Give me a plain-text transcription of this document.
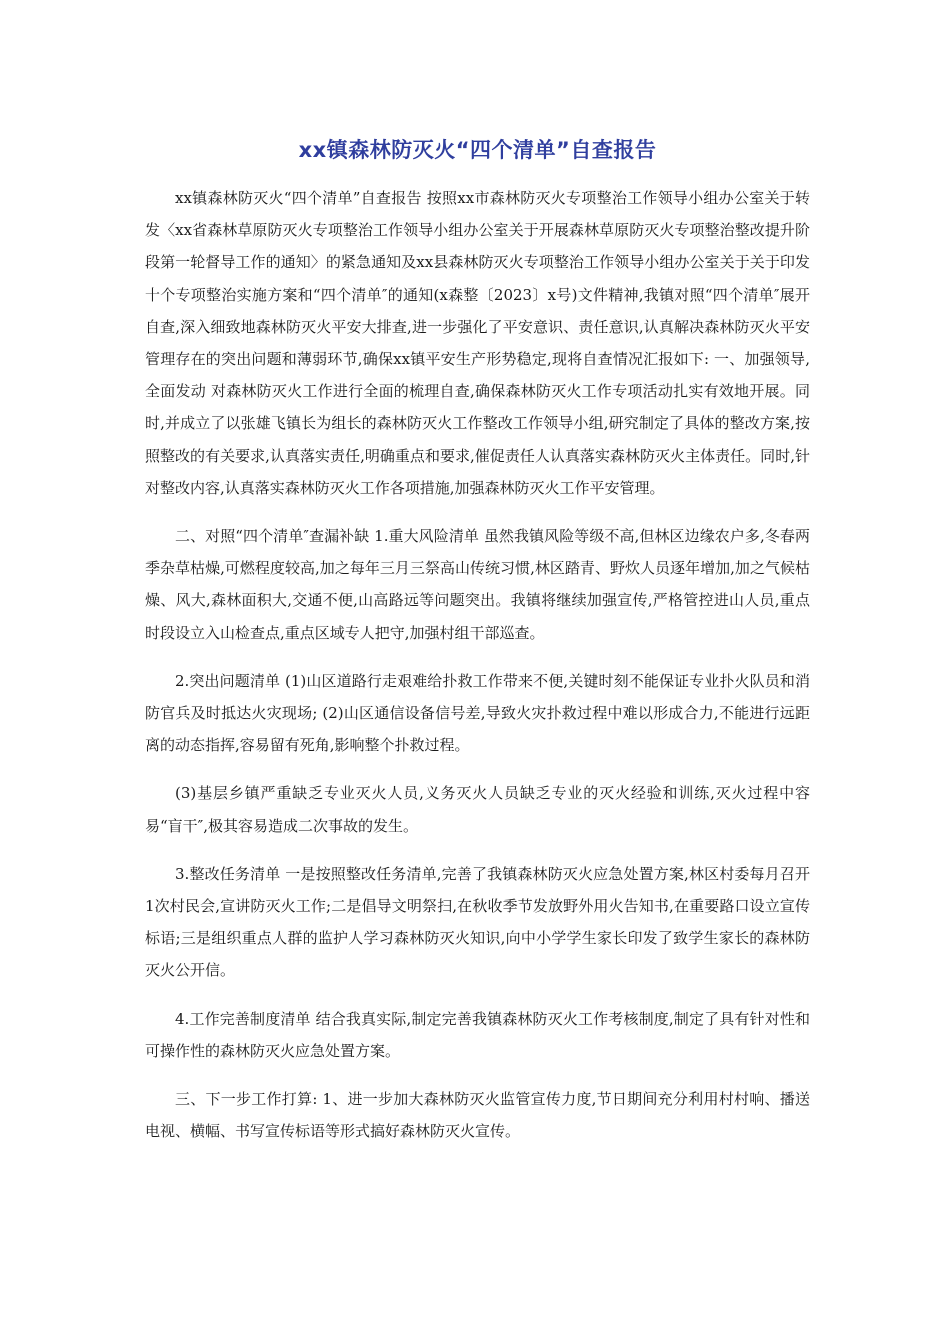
xx镇森林防灭火“四个清单”自查报告

xx镇森林防灭火“四个清单”自查报告 按照xx市森林防灭火专项整治工作领导小组办公室关于转发〈xx省森林草原防灭火专项整治工作领导小组办公室关于开展森林草原防灭火专项整治整改提升阶段第一轮督导工作的通知〉的紧急通知及xx县森林防灭火专项整治工作领导小组办公室关于关于印发十个专项整治实施方案和“四个清单″的通知(x森整〔2023〕x号)文件精神,我镇对照“四个清单″展开自查,深入细致地森林防灭火平安大排查,进一步强化了平安意识、责任意识,认真解决森林防灭火平安管理存在的突出问题和薄弱环节,确保xx镇平安生产形势稳定,现将自查情况汇报如下: 一、加强领导,全面发动 对森林防灭火工作进行全面的梳理自查,确保森林防灭火工作专项活动扎实有效地开展。同时,并成立了以张雄飞镇长为组长的森林防灭火工作整改工作领导小组,研究制定了具体的整改方案,按照整改的有关要求,认真落实责任,明确重点和要求,催促责任人认真落实森林防灭火主体责任。同时,针对整改内容,认真落实森林防灭火工作各项措施,加强森林防灭火工作平安管理。

二、对照“四个清单″查漏补缺 1.重大风险清单 虽然我镇风险等级不高,但林区边缘农户多,冬春两季杂草枯燥,可燃程度较高,加之每年三月三祭高山传统习惯,林区踏青、野炊人员逐年增加,加之气候枯燥、风大,森林面积大,交通不便,山高路远等问题突出。我镇将继续加强宣传,严格管控进山人员,重点时段设立入山检查点,重点区域专人把守,加强村组干部巡查。

2.突出问题清单 (1)山区道路行走艰难给扑救工作带来不便,关键时刻不能保证专业扑火队员和消防官兵及时抵达火灾现场; (2)山区通信设备信号差,导致火灾扑救过程中难以形成合力,不能进行远距离的动态指挥,容易留有死角,影响整个扑救过程。

(3)基层乡镇严重缺乏专业灭火人员,义务灭火人员缺乏专业的灭火经验和训练,灭火过程中容易“盲干″,极其容易造成二次事故的发生。

3.整改任务清单 一是按照整改任务清单,完善了我镇森林防灭火应急处置方案,林区村委每月召开1次村民会,宣讲防灭火工作;二是倡导文明祭扫,在秋收季节发放野外用火告知书,在重要路口设立宣传标语;三是组织重点人群的监护人学习森林防灭火知识,向中小学学生家长印发了致学生家长的森林防灭火公开信。

4.工作完善制度清单 结合我真实际,制定完善我镇森林防灭火工作考核制度,制定了具有针对性和可操作性的森林防灭火应急处置方案。

三、下一步工作打算: 1、进一步加大森林防灭火监管宣传力度,节日期间充分利用村村响、播送电视、横幅、书写宣传标语等形式搞好森林防灭火宣传。
